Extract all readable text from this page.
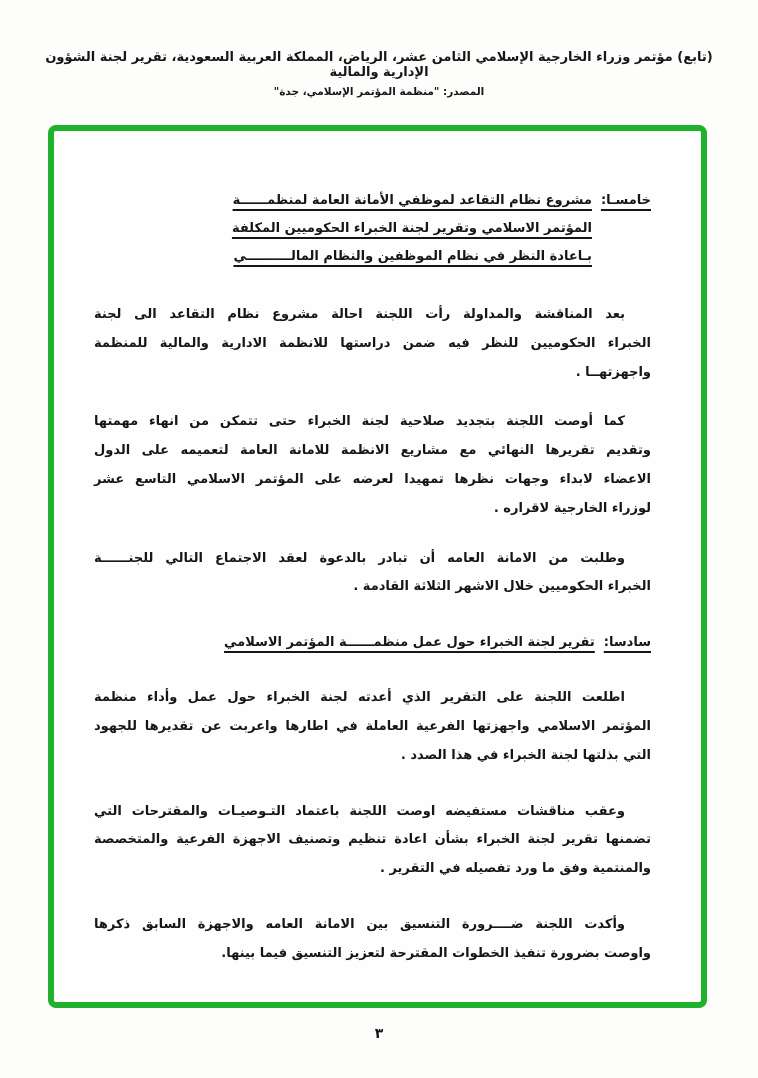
(تابع) مؤتمر وزراء الخارجية الإسلامي الثامن عشر، الرياض، المملكة العربية السعودية، تقرير لجنة الشؤون الإدارية والمالية
المصدر: "منظمة المؤتمر الإسلامي، جدة"
خامسـا:
مشروع نظام التقاعد لموظفي الأمانة العامة لمنظمــــــة
المؤتمر الاسلامي وتقرير لجنة الخبراء الحكوميين المكلفة
بـاعادة النظر في نظام الموظفين والنظام المالــــــــــي
بعد المناقشة والمداولة رأت اللجنة احالة مشروع نظام التقاعد الى لجنة
الخبراء الحكوميين للنظر فيه ضمن دراستها للانظمة الادارية والمالية للمنظمة
واجهزتهــا .
كما أوصت اللجنة بتجديد صلاحية لجنة الخبراء حتى تتمكن من انهاء مهمتها
وتقديم تقريرها النهائي مع مشاريع الانظمة للامانة العامة لتعميمه على الدول
الاعضاء لابداء وجهات نظرها تمهيدا لعرضه على المؤتمر الاسلامي التاسع عشر
لوزراء الخارجية لاقراره .
وطلبت من الامانة العامه أن تبادر بالدعوة لعقد الاجتماع التالي للجنــــــة
الخبراء الحكوميين خلال الاشهر الثلاثة القادمة .
سادسا:
تقرير لجنة الخبراء حول عمل منظمــــــة المؤتمر الاسلامي
اطلعت اللجنة على التقرير الذي أعدته لجنة الخبراء حول عمل وأداء منظمة
المؤتمر الاسلامي واجهزتها الفرعية العاملة في اطارها واعربت عن تقديرها للجهود
التي بذلتها لجنة الخبراء في هذا الصدد .
وعقب مناقشات مستفيضه اوصت اللجنة باعتماد التـوصيـات والمقترحات التي
تضمنها تقرير لجنة الخبراء بشأن اعادة تنظيم وتصنيف الاجهزة الفرعية والمتخصصة
والمنتمية وفق ما ورد تفصيله في التقرير .
وأكدت اللجنة ضــــرورة التنسيق بين الامانة العامه والاجهزة السابق ذكرها
واوصت بضرورة تنفيذ الخطوات المقترحة لتعزيز التنسيق فيما بينها.
٣
